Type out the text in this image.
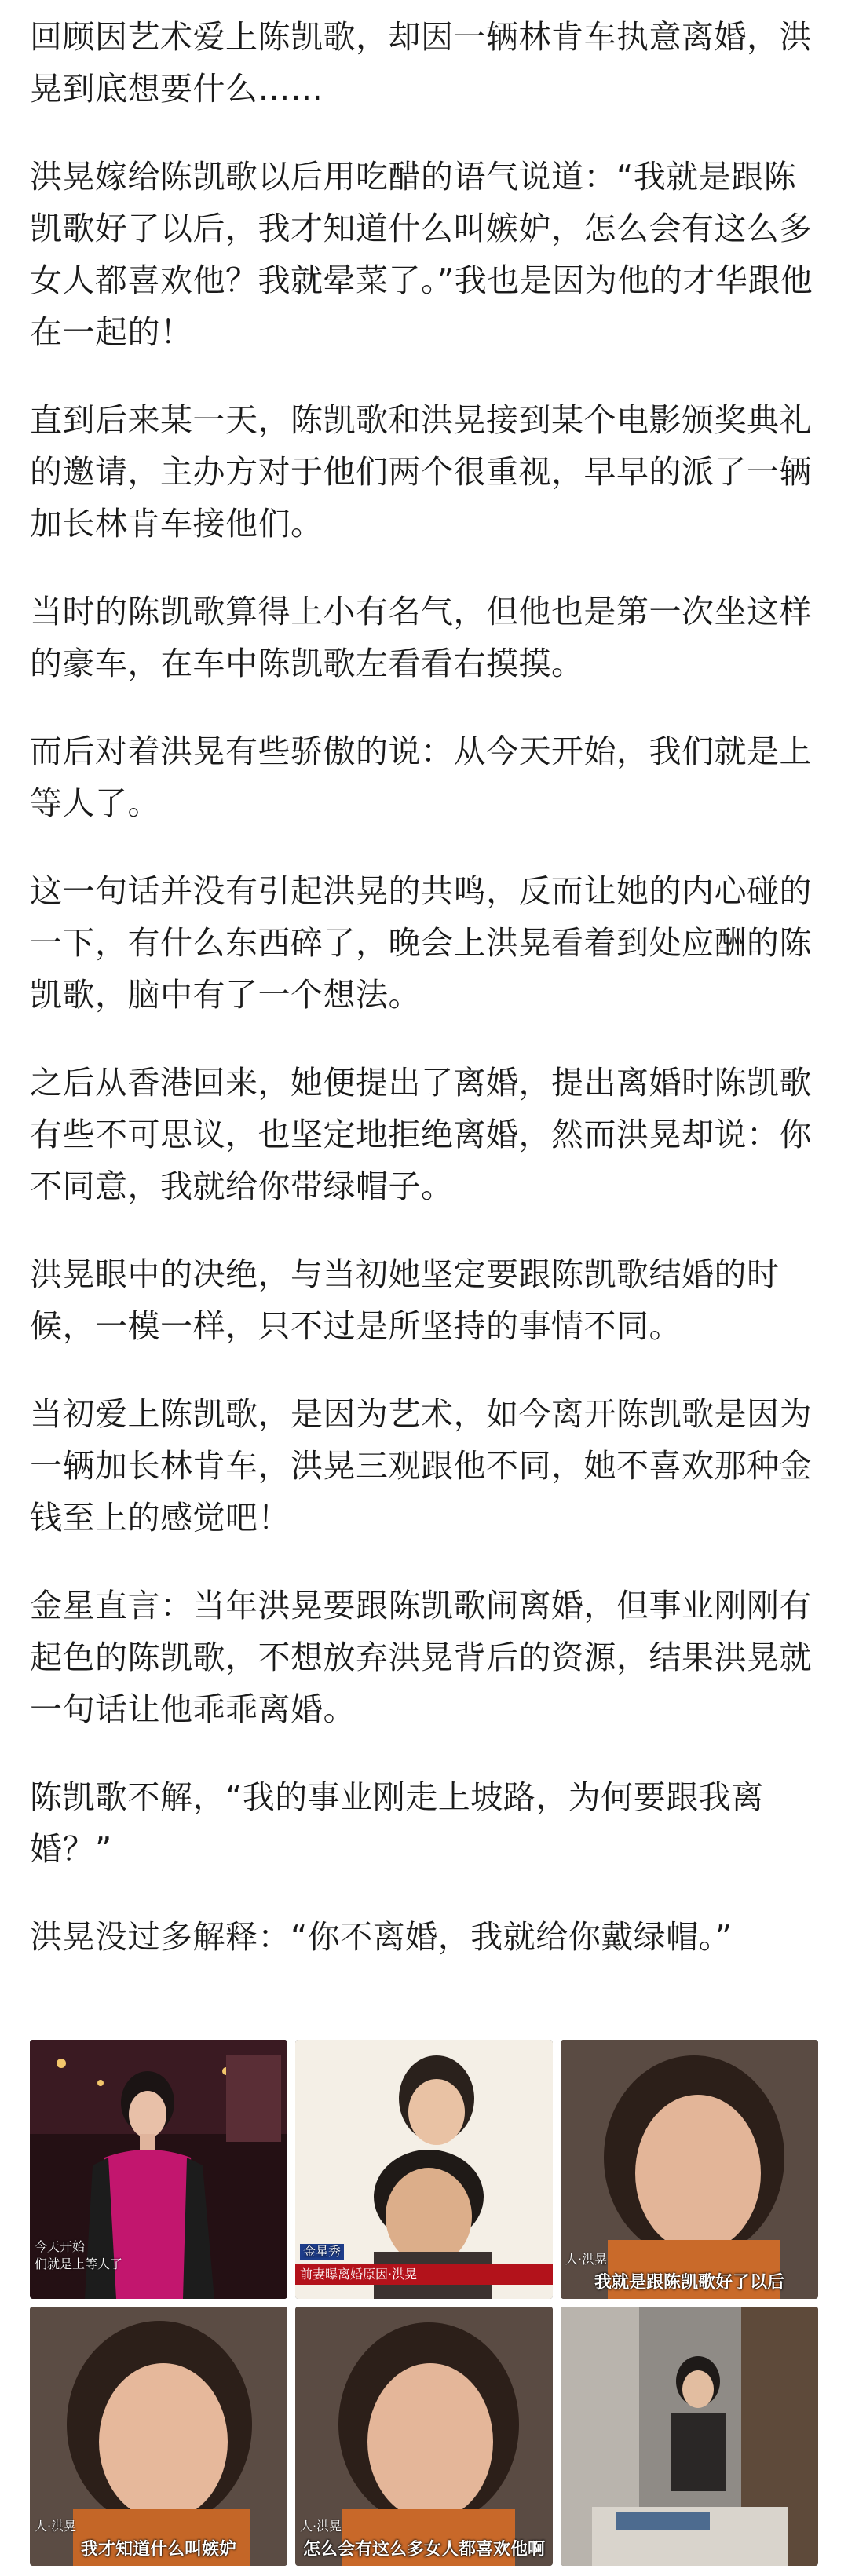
回顾因艺术爱上陈凯歌，却因一辆林肯车执意离婚，洪晃到底想要什么……

洪晃嫁给陈凯歌以后用吃醋的语气说道：“我就是跟陈凯歌好了以后，我才知道什么叫嫉妒，怎么会有这么多女人都喜欢他？我就晕菜了。”我也是因为他的才华跟他在一起的！

直到后来某一天，陈凯歌和洪晃接到某个电影颁奖典礼的邀请，主办方对于他们两个很重视，早早的派了一辆加长林肯车接他们。

当时的陈凯歌算得上小有名气，但他也是第一次坐这样的豪车，在车中陈凯歌左看看右摸摸。

而后对着洪晃有些骄傲的说：从今天开始，我们就是上等人了。

这一句话并没有引起洪晃的共鸣，反而让她的内心碰的一下，有什么东西碎了，晚会上洪晃看着到处应酬的陈凯歌，脑中有了一个想法。

之后从香港回来，她便提出了离婚，提出离婚时陈凯歌有些不可思议，也坚定地拒绝离婚，然而洪晃却说：你不同意，我就给你带绿帽子。

洪晃眼中的决绝，与当初她坚定要跟陈凯歌结婚的时候，一模一样，只不过是所坚持的事情不同。

当初爱上陈凯歌，是因为艺术，如今离开陈凯歌是因为一辆加长林肯车，洪晃三观跟他不同，她不喜欢那种金钱至上的感觉吧！

金星直言：当年洪晃要跟陈凯歌闹离婚，但事业刚刚有起色的陈凯歌，不想放弃洪晃背后的资源，结果洪晃就一句话让他乖乖离婚。

陈凯歌不解，“我的事业刚走上坡路，为何要跟我离婚？”

洪晃没过多解释：“你不离婚，我就给你戴绿帽。”

今天开始
们就是上等人了
金星秀
前妻曝离婚原因·洪晃
人·洪晃
我就是跟陈凯歌好了以后
人·洪晃
我才知道什么叫嫉妒
人·洪晃
怎么会有这么多女人都喜欢他啊
